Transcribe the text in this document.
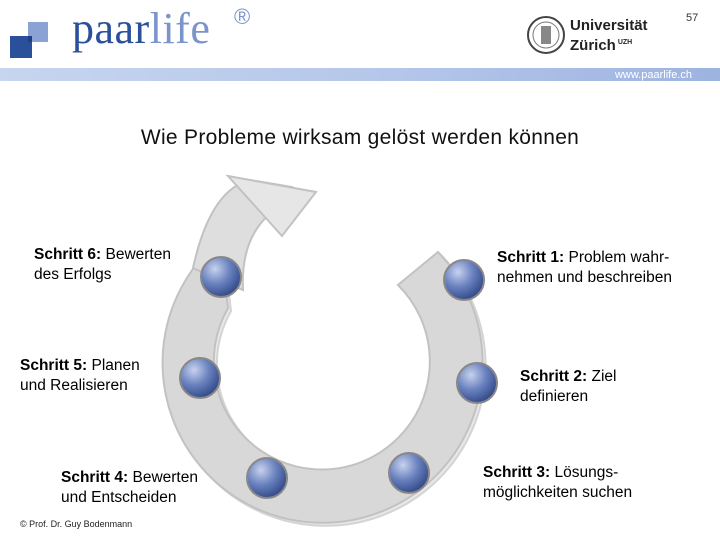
paarlife ®	57
Universität
Zürich $^{UZH}$
www.paarlife.ch
Wie Probleme wirksam gelöst werden können
Schritt 6: Bewerten
des Erfolgs
Schritt 1: Problem wahr-
nehmen und beschreiben
Schritt 5: Planen
und Realisieren
Schritt 2: Ziel
definieren
Schritt 4: Bewerten
und Entscheiden
Schritt 3: Lösungs-
möglichkeiten suchen
© Prof. Dr. Guy Bodenmann
